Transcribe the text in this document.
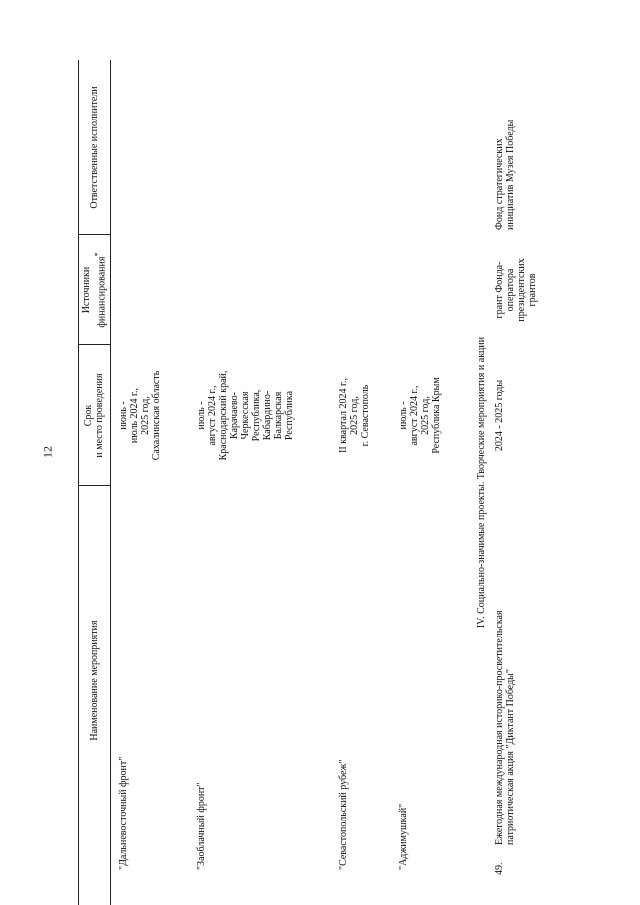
12
Наименование мероприятия
Срок и место проведения
Источники финансирования*
Ответственные исполнители
"Дальневосточный фронт"
июнь - июль 2024 г., 2025 год, Сахалинская область
"Заоблачный фронт"
июль - август 2024 г., Краснодарский край, Карачаево- Черкесская Республика, Кабардино- Балкарская Республика
"Севастопольский рубеж"
II квартал 2024 г., 2025 год, г. Севастополь
"Аджимушкай"
июль - август 2024 г., 2025 год, Республика Крым	IV. Социально-значимые проекты. Творческие мероприятия и акции
49.
Ежегодная международная историко-просветительская патриотическая акция "Диктант Победы"
2024 - 2025 годы
грант Фонда- оператора президентских грантов
Фонд стратегических инициатив Музея Победы
